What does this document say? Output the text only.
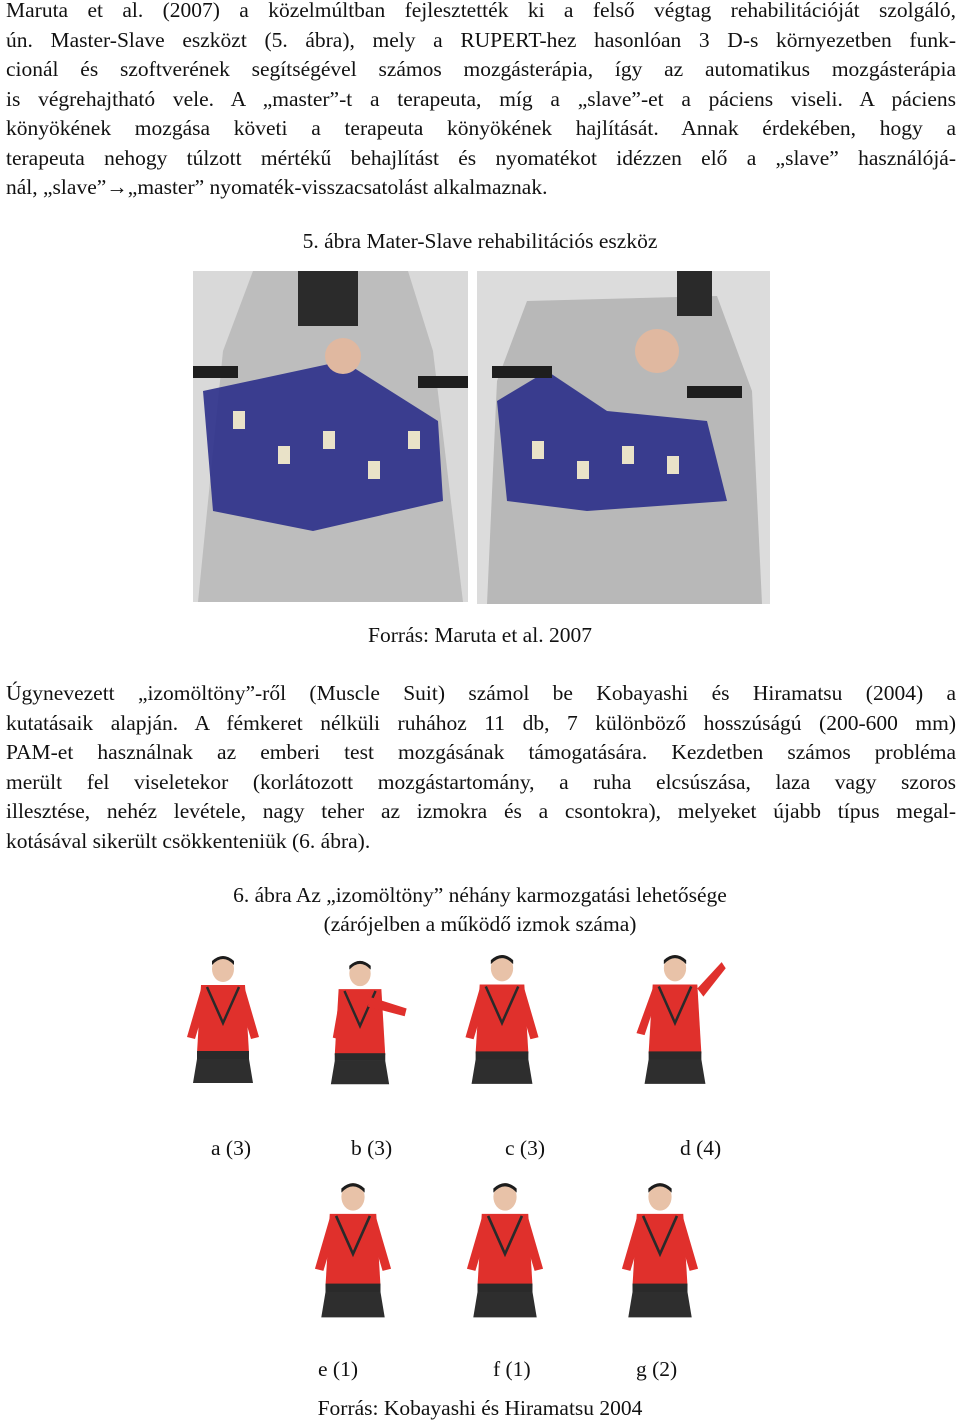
Maruta et al. (2007) a közelmúltban fejlesztették ki a felső végtag rehabilitációját szolgáló,
ún. Master-Slave eszközt (5. ábra), mely a RUPERT-hez hasonlóan 3 D-s környezetben funk-
cionál és szoftverének segítségével számos mozgásterápia, így az automatikus mozgásterápia
is végrehajtható vele. A „master”-t a terapeuta, míg a „slave”-et a páciens viseli. A páciens
könyökének mozgása követi a terapeuta könyökének hajlítását. Annak érdekében, hogy a
terapeuta nehogy túlzott mértékű behajlítást és nyomatékot idézzen elő a „slave” használójá-
nál, „slave”→„master” nyomaték-visszacsatolást alkalmaznak.
5. ábra Mater-Slave rehabilitációs eszköz
Forrás: Maruta et al. 2007
Úgynevezett „izomöltöny”-ről (Muscle Suit) számol be Kobayashi és Hiramatsu (2004) a
kutatásaik alapján. A fémkeret nélküli ruhához 11 db, 7 különböző hosszúságú (200-600 mm)
PAM-et használnak az emberi test mozgásának támogatására. Kezdetben számos probléma
merült fel viseletekor (korlátozott mozgástartomány, a ruha elcsúszása, laza vagy szoros
illesztése, nehéz levétele, nagy teher az izmokra és a csontokra), melyeket újabb típus megal-
kotásával sikerült csökkenteniük (6. ábra).
6. ábra Az „izomöltöny” néhány karmozgatási lehetősége
(zárójelben a működő izmok száma)
a (3)	b (3)	c (3)	d (4)
e (1)	f (1)	g (2)
Forrás: Kobayashi és Hiramatsu 2004
